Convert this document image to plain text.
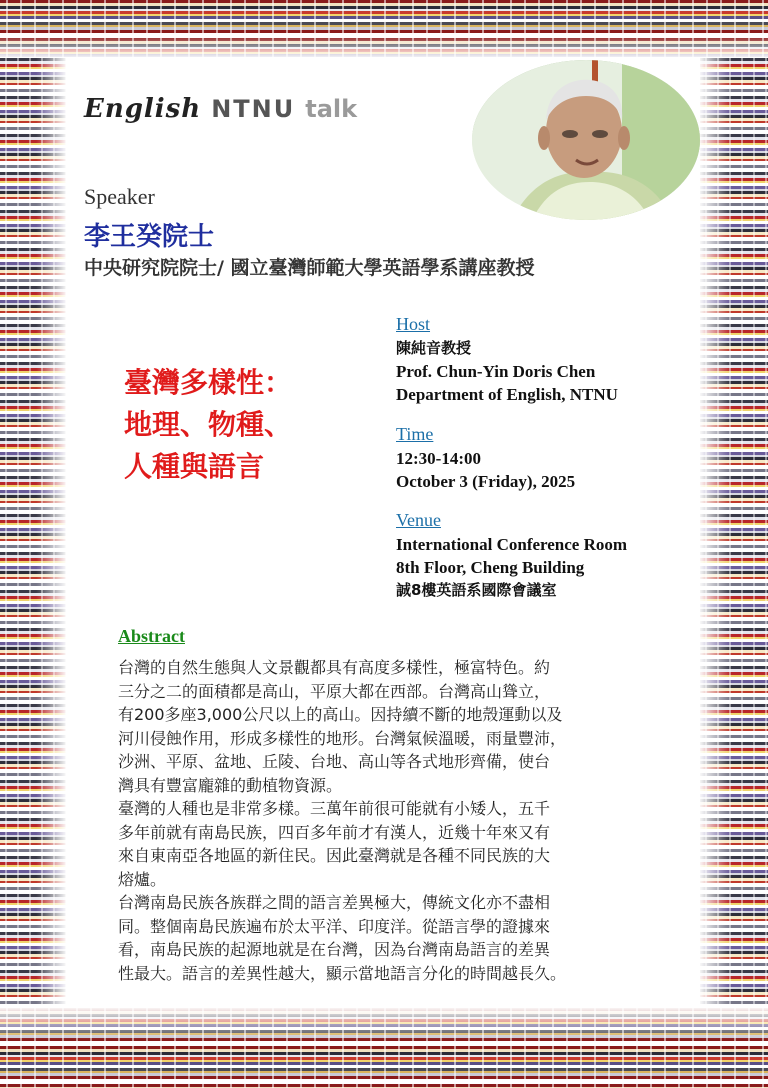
English NTNU talk
Speaker
李王癸院士
中央研究院院士/ 國立臺灣師範大學英語學系講座教授
臺灣多樣性：
地理、物種、
人種與語言
Host
陳純音教授
Prof. Chun-Yin Doris Chen
Department of English, NTNU
Time
12:30-14:00
October 3 (Friday), 2025
Venue
International Conference Room
8th Floor, Cheng Building
誠8樓英語系國際會議室
Abstract
台灣的自然生態與人文景觀都具有高度多樣性，極富特色。約
三分之二的面積都是高山，平原大都在西部。台灣高山聳立，
有200多座3,000公尺以上的高山。因持續不斷的地殼運動以及
河川侵蝕作用，形成多樣性的地形。台灣氣候溫暖，雨量豐沛，
沙洲、平原、盆地、丘陵、台地、高山等各式地形齊備，使台
灣具有豐富龐雜的動植物資源。
臺灣的人種也是非常多樣。三萬年前很可能就有小矮人，五千
多年前就有南島民族，四百多年前才有漢人，近幾十年來又有
來自東南亞各地區的新住民。因此臺灣就是各種不同民族的大
熔爐。
台灣南島民族各族群之間的語言差異極大，傳統文化亦不盡相
同。整個南島民族遍布於太平洋、印度洋。從語言學的證據來
看，南島民族的起源地就是在台灣，因為台灣南島語言的差異
性最大。語言的差異性越大，顯示當地語言分化的時間越長久。
